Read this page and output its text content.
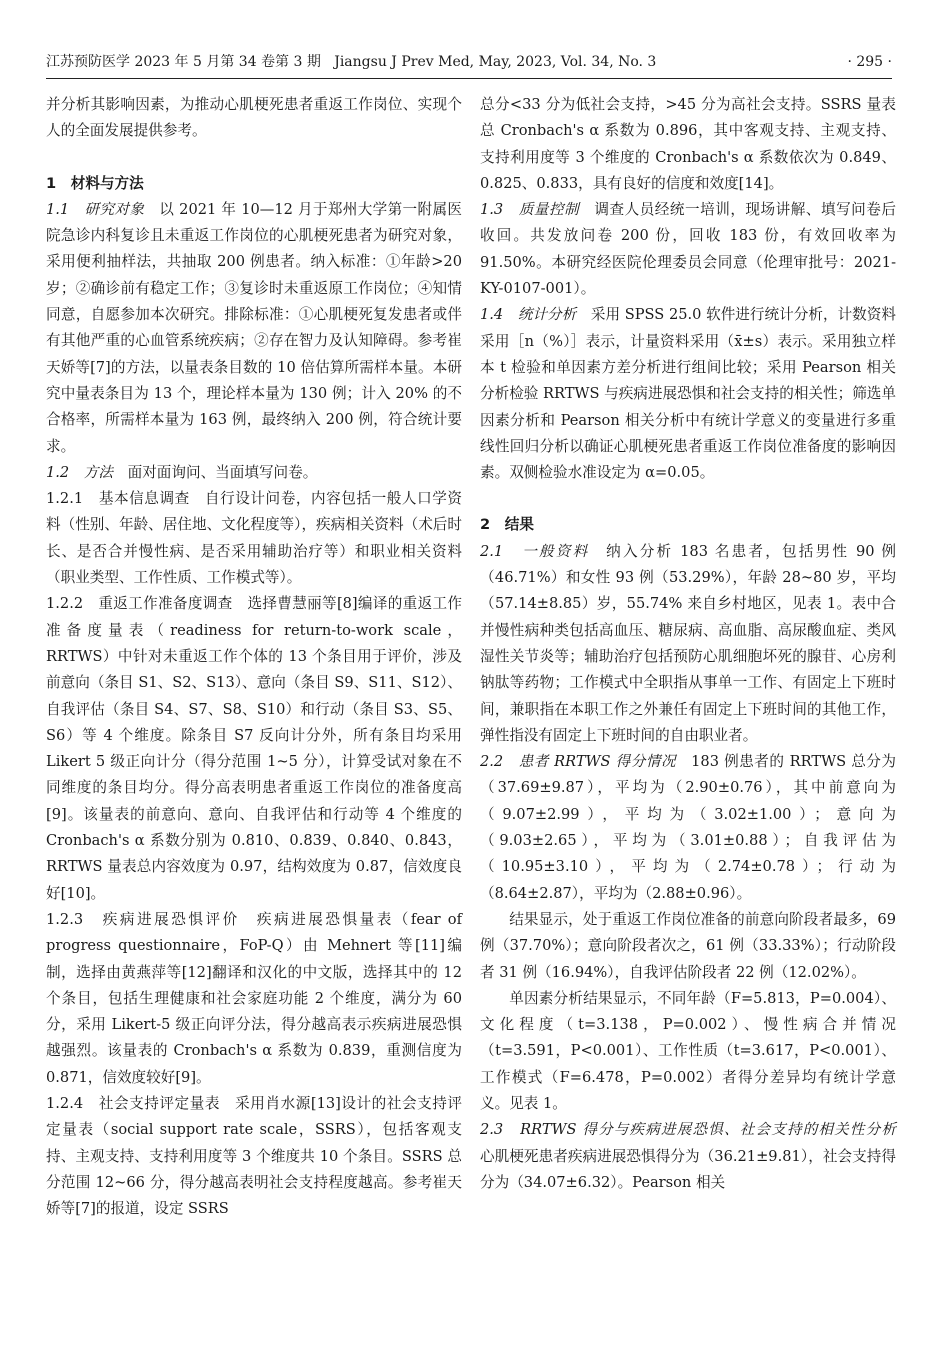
江苏预防医学 2023 年 5 月第 34 卷第 3 期 Jiangsu J Prev Med, May, 2023, Vol. 34, No. 3	· 295 ·

并分析其影响因素，为推动心肌梗死患者重返工作岗位、实现个人的全面发展提供参考。

1　材料与方法

1.1　研究对象　 以 2021 年 10—12 月于郑州大学第一附属医院急诊内科复诊且未重返工作岗位的心肌梗死患者为研究对象，采用便利抽样法，共抽取 200 例患者。纳入标准：①年龄>20 岁；②确诊前有稳定工作；③复诊时未重返原工作岗位；④知情同意，自愿参加本次研究。排除标准：①心肌梗死复发患者或伴有其他严重的心血管系统疾病；②存在智力及认知障碍。参考崔天娇等[7]的方法，以量表条目数的 10 倍估算所需样本量。本研究中量表条目为 13 个，理论样本量为 130 例；计入 20% 的不合格率，所需样本量为 163 例，最终纳入 200 例，符合统计要求。

1.2　方法　 面对面询问、当面填写问卷。

1.2.1　基本信息调查　 自行设计问卷，内容包括一般人口学资料（性别、年龄、居住地、文化程度等），疾病相关资料（术后时长、是否合并慢性病、是否采用辅助治疗等）和职业相关资料（职业类型、工作性质、工作模式等）。

1.2.2　重返工作准备度调查　 选择曹慧丽等[8]编译的重返工作准备度量表（readiness for return-to-work scale，RRTWS）中针对未重返工作个体的 13 个条目用于评价，涉及前意向（条目 S1、S2、S13）、意向（条目 S9、S11、S12）、自我评估（条目 S4、S7、S8、S10）和行动（条目 S3、S5、S6）等 4 个维度。除条目 S7 反向计分外，所有条目均采用 Likert 5 级正向计分（得分范围 1~5 分），计算受试对象在不同维度的条目均分。得分高表明患者重返工作岗位的准备度高[9]。该量表的前意向、意向、自我评估和行动等 4 个维度的 Cronbach's α 系数分别为 0.810、0.839、0.840、0.843，RRTWS 量表总内容效度为 0.97，结构效度为 0.87，信效度良好[10]。

1.2.3　疾病进展恐惧评价　 疾病进展恐惧量表（fear of progress questionnaire，FoP-Q）由 Mehnert 等[11]编制，选择由黄燕萍等[12]翻译和汉化的中文版，选择其中的 12 个条目，包括生理健康和社会家庭功能 2 个维度，满分为 60 分，采用 Likert-5 级正向评分法，得分越高表示疾病进展恐惧越强烈。该量表的 Cronbach's α 系数为 0.839，重测信度为 0.871，信效度较好[9]。

1.2.4　社会支持评定量表　 采用肖水源[13]设计的社会支持评定量表（social support rate scale，SSRS），包括客观支持、主观支持、支持利用度等 3 个维度共 10 个条目。SSRS 总分范围 12~66 分，得分越高表明社会支持程度越高。参考崔天娇等[7]的报道，设定 SSRS

总分<33 分为低社会支持，>45 分为高社会支持。SSRS 量表总 Cronbach's α 系数为 0.896，其中客观支持、主观支持、支持利用度等 3 个维度的 Cronbach's α 系数依次为 0.849、0.825、0.833，具有良好的信度和效度[14]。

1.3　质量控制　 调查人员经统一培训，现场讲解、填写问卷后收回。共发放问卷 200 份，回收 183 份，有效回收率为 91.50%。本研究经医院伦理委员会同意（伦理审批号：2021-KY-0107-001）。

1.4　统计分析　 采用 SPSS 25.0 软件进行统计分析，计数资料采用［n（%）］表示，计量资料采用（x̄±s）表示。采用独立样本 t 检验和单因素方差分析进行组间比较；采用 Pearson 相关分析检验 RRTWS 与疾病进展恐惧和社会支持的相关性；筛选单因素分析和 Pearson 相关分析中有统计学意义的变量进行多重线性回归分析以确证心肌梗死患者重返工作岗位准备度的影响因素。双侧检验水准设定为 α=0.05。

2　结果

2.1　一般资料　 纳入分析 183 名患者，包括男性 90 例（46.71%）和女性 93 例（53.29%），年龄 28~80 岁，平均（57.14±8.85）岁，55.74% 来自乡村地区，见表 1。表中合并慢性病种类包括高血压、糖尿病、高血脂、高尿酸血症、类风湿性关节炎等；辅助治疗包括预防心肌细胞坏死的腺苷、心房利钠肽等药物；工作模式中全职指从事单一工作、有固定上下班时间，兼职指在本职工作之外兼任有固定上下班时间的其他工作，弹性指没有固定上下班时间的自由职业者。

2.2　患者 RRTWS 得分情况　 183 例患者的 RRTWS 总分为（37.69±9.87），平均为（2.90±0.76），其中前意向为（9.07±2.99），平均为（3.02±1.00）；意向为（9.03±2.65），平均为（3.01±0.88）；自我评估为（10.95±3.10），平均为（2.74±0.78）；行动为（8.64±2.87），平均为（2.88±0.96）。

结果显示，处于重返工作岗位准备的前意向阶段者最多，69 例（37.70%）；意向阶段者次之，61 例（33.33%）；行动阶段者 31 例（16.94%），自我评估阶段者 22 例（12.02%）。

单因素分析结果显示，不同年龄（F=5.813，P=0.004）、文化程度（t=3.138，P=0.002）、慢性病合并情况（t=3.591，P<0.001）、工作性质（t=3.617，P<0.001）、工作模式（F=6.478，P=0.002）者得分差异均有统计学意义。见表 1。

2.3　RRTWS 得分与疾病进展恐惧、社会支持的相关性分析　心肌梗死患者疾病进展恐惧得分为（36.21±9.81），社会支持得分为（34.07±6.32）。Pearson 相关
